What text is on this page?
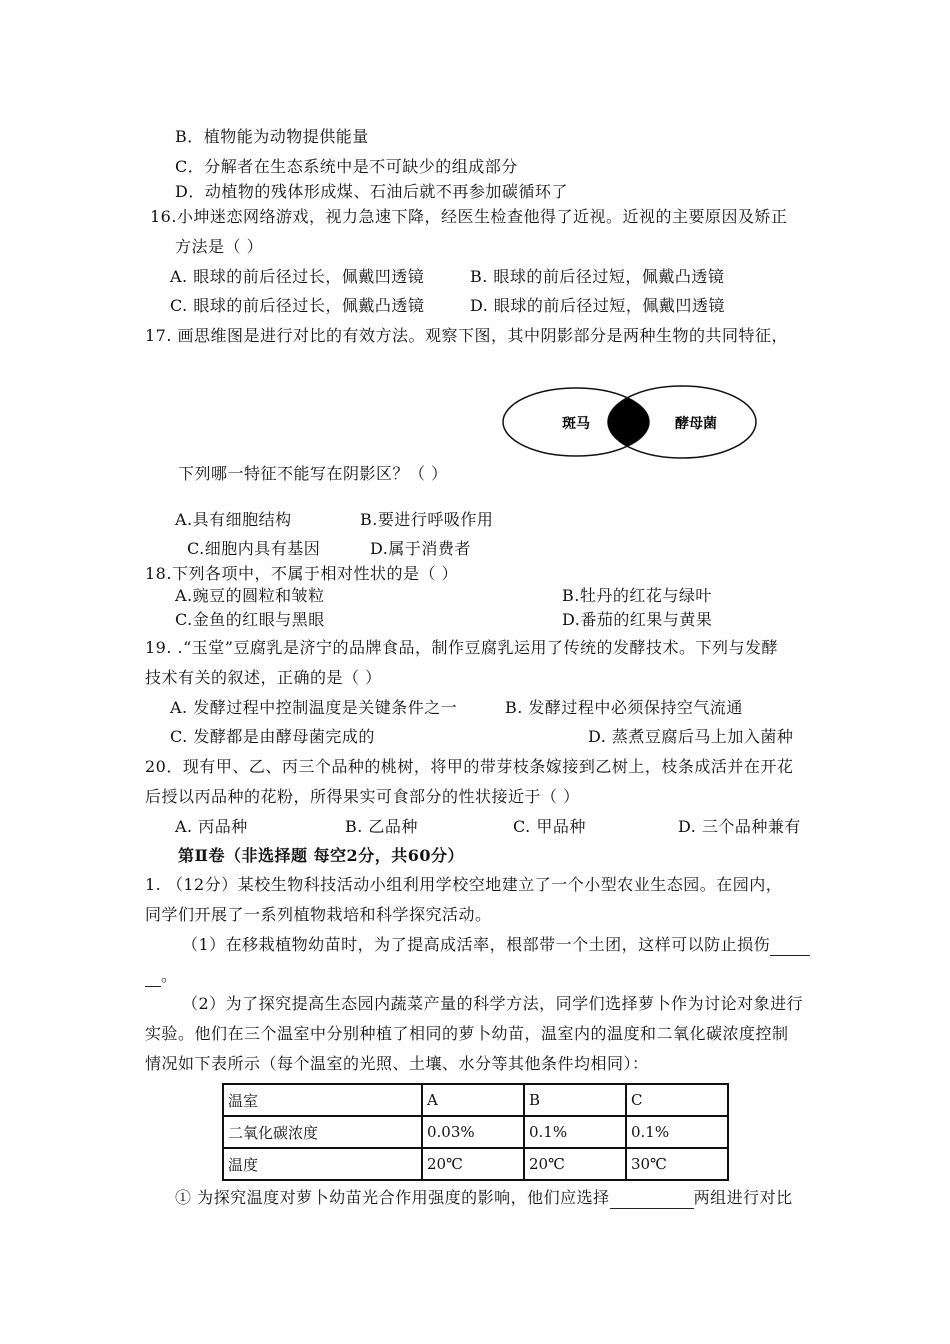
B．植物能为动物提供能量
C．分解者在生态系统中是不可缺少的组成部分
D．动植物的残体形成煤、石油后就不再参加碳循环了
16.小坤迷恋网络游戏，视力急速下降，经医生检查他得了近视。近视的主要原因及矫正
方法是（ ）
A. 眼球的前后径过长，佩戴凹透镜	B. 眼球的前后径过短，佩戴凸透镜
C. 眼球的前后径过长，佩戴凸透镜	D. 眼球的前后径过短，佩戴凹透镜
17. 画思维图是进行对比的有效方法。观察下图，其中阴影部分是两种生物的共同特征，
斑马	酵母菌
下列哪一特征不能写在阴影区？（ ）
A.具有细胞结构	B.要进行呼吸作用
C.细胞内具有基因	D.属于消费者
18.下列各项中，不属于相对性状的是（ ）
A.豌豆的圆粒和皱粒	B.牡丹的红花与绿叶
C.金鱼的红眼与黑眼	D.番茄的红果与黄果
19. .“玉堂”豆腐乳是济宁的品牌食品，制作豆腐乳运用了传统的发酵技术。下列与发酵
技术有关的叙述，正确的是（ ）
A. 发酵过程中控制温度是关键条件之一	B. 发酵过程中必须保持空气流通
C. 发酵都是由酵母菌完成的	D. 蒸煮豆腐后马上加入菌种
20．现有甲、乙、丙三个品种的桃树，将甲的带芽枝条嫁接到乙树上，枝条成活并在开花
后授以丙品种的花粉，所得果实可食部分的性状接近于（ ）
A. 丙品种	B. 乙品种	C. 甲品种	D. 三个品种兼有
第Ⅱ卷（非选择题 每空2分，共60分）
1. （12分）某校生物科技活动小组利用学校空地建立了一个小型农业生态园。在园内，
同学们开展了一系列植物栽培和科学探究活动。
（1）在移栽植物幼苗时，为了提高成活率，根部带一个土团，这样可以防止损伤
。
（2）为了探究提高生态园内蔬菜产量的科学方法，同学们选择萝卜作为讨论对象进行
实验。他们在三个温室中分别种植了相同的萝卜幼苗，温室内的温度和二氧化碳浓度控制
情况如下表所示（每个温室的光照、土壤、水分等其他条件均相同）：
温室	A	B	C
二氧化碳浓度	0.03%	0.1%	0.1%
温度	20℃	20℃	30℃
① 为探究温度对萝卜幼苗光合作用强度的影响，他们应选择	两组进行对比
